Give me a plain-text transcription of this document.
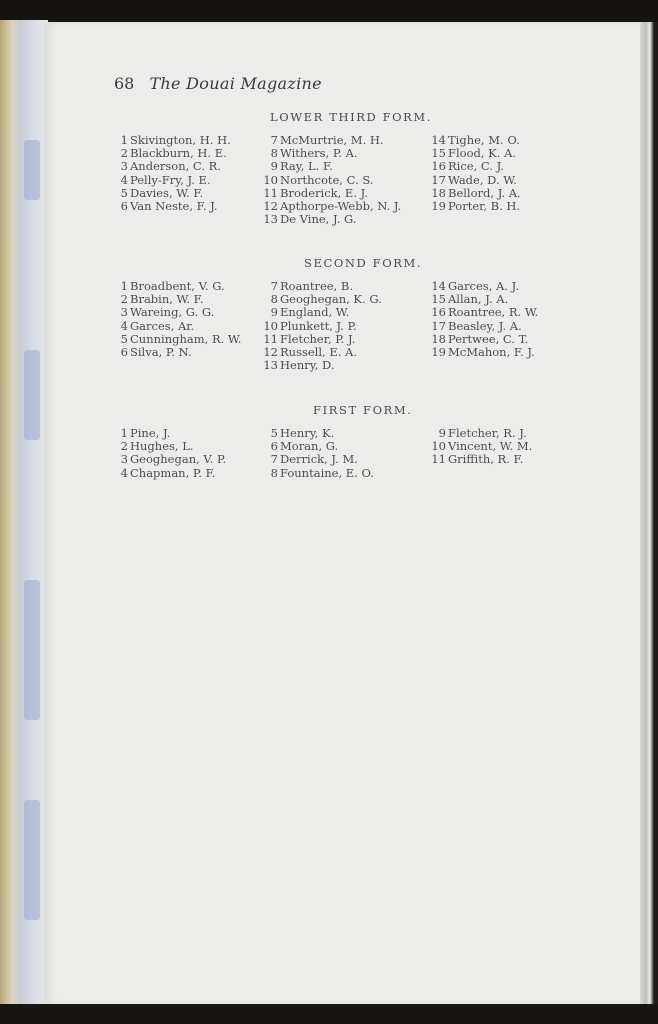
68 The Douai Magazine
LOWER THIRD FORM.
1 Skivington, H. H.
2 Blackburn, H. E.
3 Anderson, C. R.
4 Pelly-Fry, J. E.
5 Davies, W. F.
6 Van Neste, F. J.
7 McMurtrie, M. H.
8 Withers, P. A.
9 Ray, L. F.
10 Northcote, C. S.
11 Broderick, E. J.
12 Apthorpe-Webb, N. J.
13 De Vine, J. G.
14 Tighe, M. O.
15 Flood, K. A.
16 Rice, C. J.
17 Wade, D. W.
18 Bellord, J. A.
19 Porter, B. H.
SECOND FORM.
1 Broadbent, V. G.
2 Brabin, W. F.
3 Wareing, G. G.
4 Garces, Ar.
5 Cunningham, R. W.
6 Silva, P. N.
7 Roantree, B.
8 Geoghegan, K. G.
9 England, W.
10 Plunkett, J. P.
11 Fletcher, P. J.
12 Russell, E. A.
13 Henry, D.
14 Garces, A. J.
15 Allan, J. A.
16 Roantree, R. W.
17 Beasley, J. A.
18 Pertwee, C. T.
19 McMahon, F. J.
FIRST FORM.
1 Pine, J.
2 Hughes, L.
3 Geoghegan, V. P.
4 Chapman, P. F.
5 Henry, K.
6 Moran, G.
7 Derrick, J. M.
8 Fountaine, E. O.
9 Fletcher, R. J.
10 Vincent, W. M.
11 Griffith, R. F.
